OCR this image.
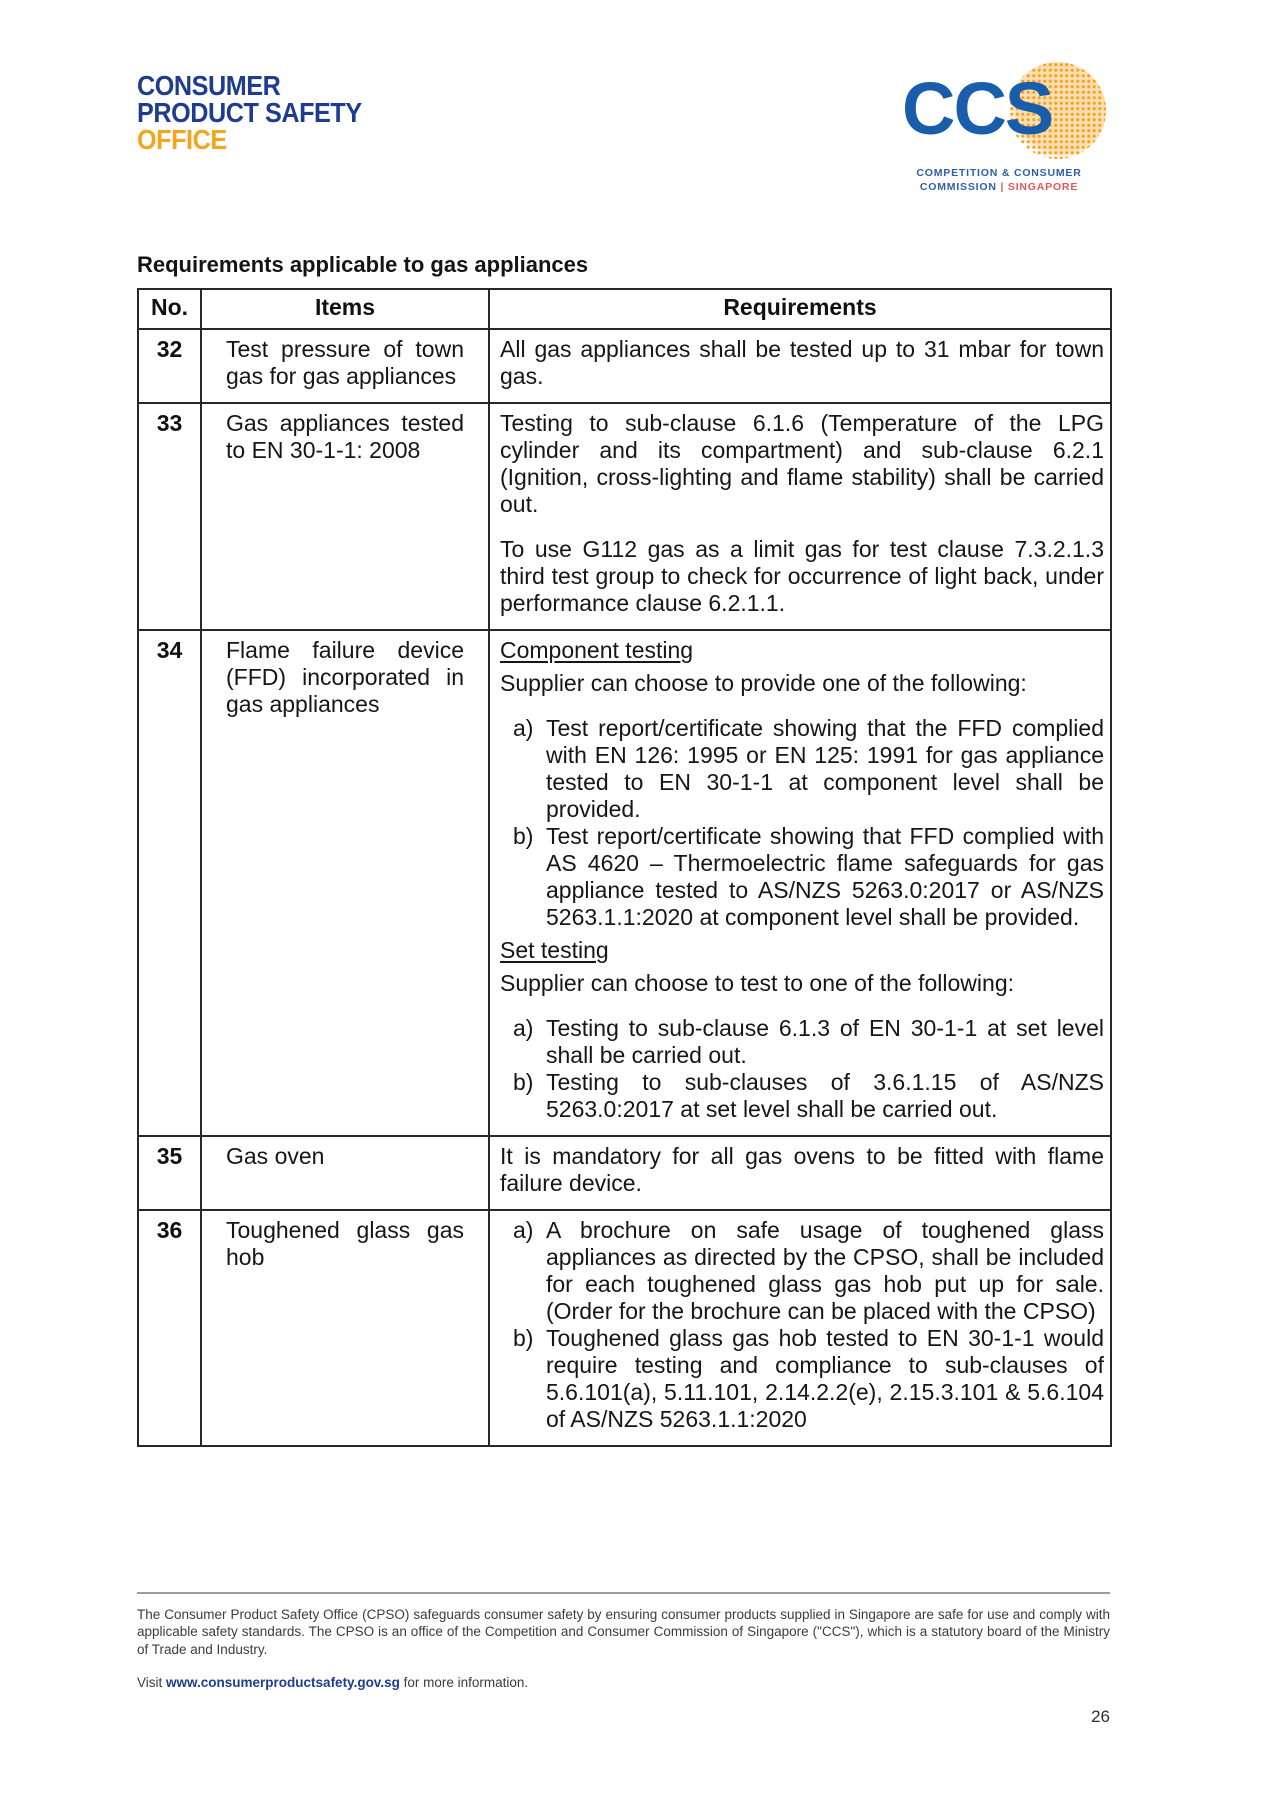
CONSUMER
PRODUCT SAFETY
OFFICE	CCS
COMPETITION & CONSUMER
COMMISSION | SINGAPORE
Requirements applicable to gas appliances
No.	Items	Requirements
32	Test pressure of town gas for gas appliances	All gas appliances shall be tested up to 31 mbar for town gas.

33	Gas appliances tested to EN 30-1-1: 2008	Testing to sub-clause 6.1.6 (Temperature of the LPG cylinder and its compartment) and sub-clause 6.2.1 (Ignition, cross-lighting and flame stability) shall be carried out.
To use G112 gas as a limit gas for test clause 7.3.2.1.3 third test group to check for occurrence of light back, under performance clause 6.2.1.1.

34	Flame failure device (FFD) incorporated in gas appliances	
Component testing
Supplier can choose to provide one of the following:
a) Test report/certificate showing that the FFD complied with EN 126: 1995 or EN 125: 1991 for gas appliance tested to EN 30-1-1 at component level shall be provided.
b) Test report/certificate showing that FFD complied with AS 4620 – Thermoelectric flame safeguards for gas appliance tested to AS/NZS 5263.0:2017 or AS/NZS 5263.1.1:2020 at component level shall be provided.
Set testing
Supplier can choose to test to one of the following:
a) Testing to sub-clause 6.1.3 of EN 30-1-1 at set level shall be carried out.
b) Testing to sub-clauses of 3.6.1.15 of AS/NZS 5263.0:2017 at set level shall be carried out.

35	Gas oven	It is mandatory for all gas ovens to be fitted with flame failure device.

36	Toughened glass gas hob	a) A brochure on safe usage of toughened glass appliances as directed by the CPSO, shall be included for each toughened glass gas hob put up for sale. (Order for the brochure can be placed with the CPSO)
b) Toughened glass gas hob tested to EN 30-1-1 would require testing and compliance to sub-clauses of 5.6.101(a), 5.11.101, 2.14.2.2(e), 2.15.3.101 & 5.6.104 of AS/NZS 5263.1.1:2020

The Consumer Product Safety Office (CPSO) safeguards consumer safety by ensuring consumer products supplied in Singapore are safe for use and comply with applicable safety standards. The CPSO is an office of the Competition and Consumer Commission of Singapore ("CCS"), which is a statutory board of the Ministry of Trade and Industry.

Visit www.consumerproductsafety.gov.sg for more information.

26
